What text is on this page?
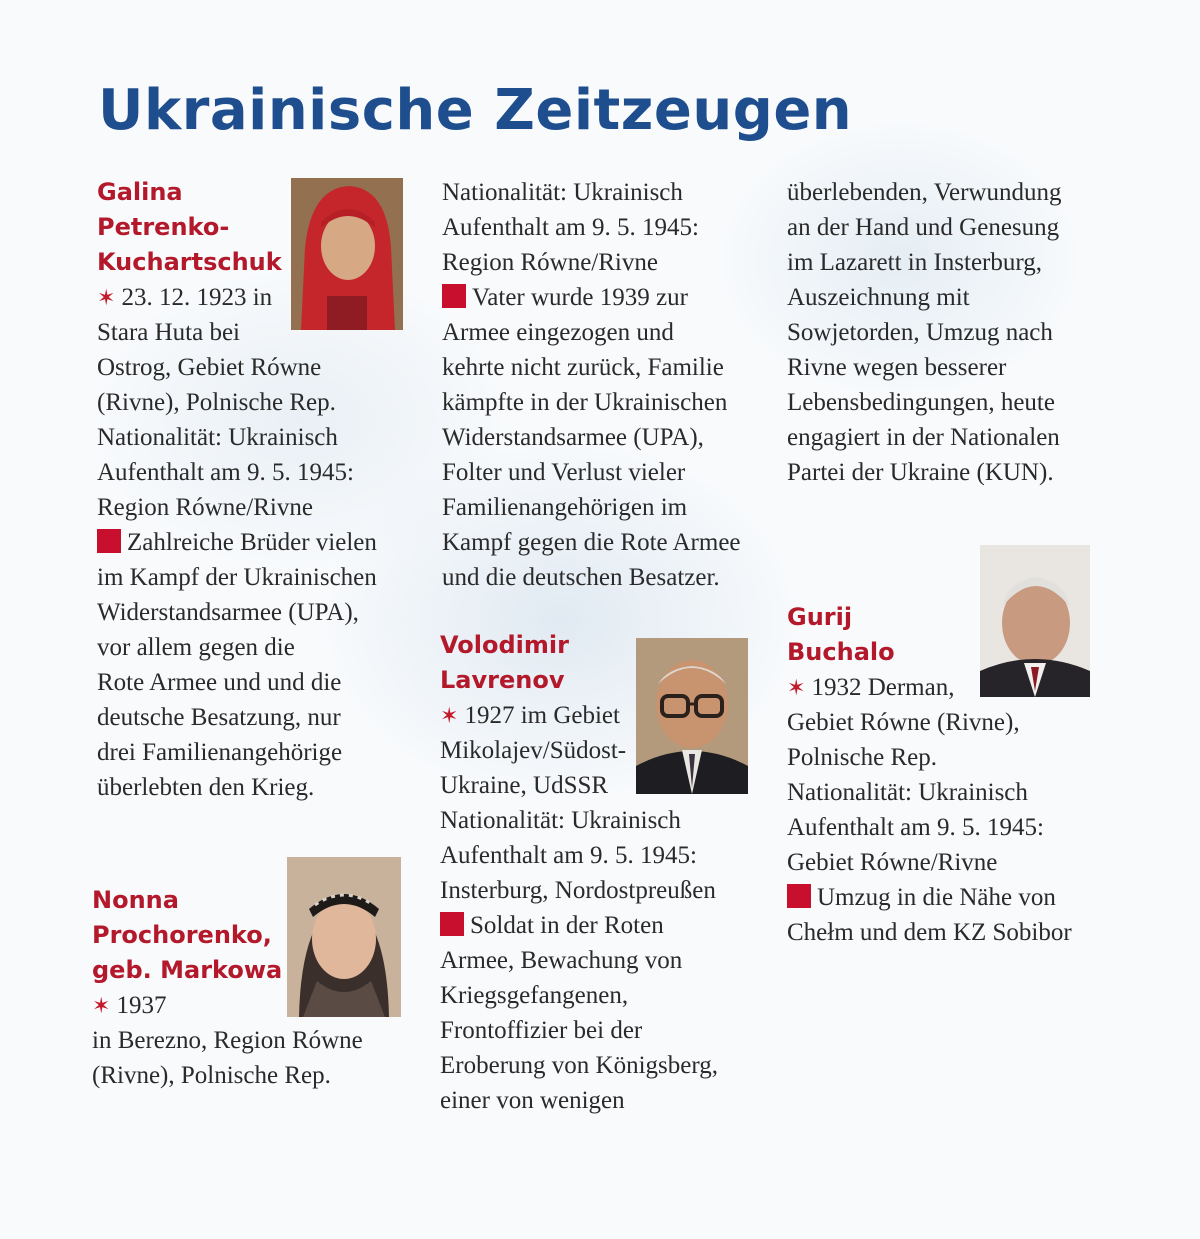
Ukrainische Zeitzeugen
Galina
Petrenko-
Kuchartschuk
✶ 23. 12. 1923 in
Stara Huta bei
Ostrog, Gebiet Równe
(Rivne), Polnische Rep.
Nationalität: Ukrainisch
Aufenthalt am 9. 5. 1945:
Region Równe/Rivne
Zahlreiche Brüder vielen
im Kampf der Ukrainischen
Widerstandsarmee (UPA),
vor allem gegen die
Rote Armee und und die
deutsche Besatzung, nur
drei Familienangehörige
überlebten den Krieg.
Nonna
Prochorenko,
geb. Markowa
✶ 1937
in Berezno, Region Równe
(Rivne), Polnische Rep.
Nationalität: Ukrainisch
Aufenthalt am 9. 5. 1945:
Region Równe/Rivne
Vater wurde 1939 zur
Armee eingezogen und
kehrte nicht zurück, Familie
kämpfte in der Ukrainischen
Widerstandsarmee (UPA),
Folter und Verlust vieler
Familienangehörigen im
Kampf gegen die Rote Armee
und die deutschen Besatzer.
Volodimir
Lavrenov
✶ 1927 im Gebiet
Mikolajev/Südost-
Ukraine, UdSSR
Nationalität: Ukrainisch
Aufenthalt am 9. 5. 1945:
Insterburg, Nordostpreußen
Soldat in der Roten
Armee, Bewachung von
Kriegsgefangenen,
Frontoffizier bei der
Eroberung von Königsberg,
einer von wenigen
überlebenden, Verwundung
an der Hand und Genesung
im Lazarett in Insterburg,
Auszeichnung mit
Sowjetorden, Umzug nach
Rivne wegen besserer
Lebensbedingungen, heute
engagiert in der Nationalen
Partei der Ukraine (KUN).
Gurij
Buchalo
✶ 1932 Derman,
Gebiet Równe (Rivne),
Polnische Rep.
Nationalität: Ukrainisch
Aufenthalt am 9. 5. 1945:
Gebiet Równe/Rivne
Umzug in die Nähe von
Chełm und dem KZ Sobibor
